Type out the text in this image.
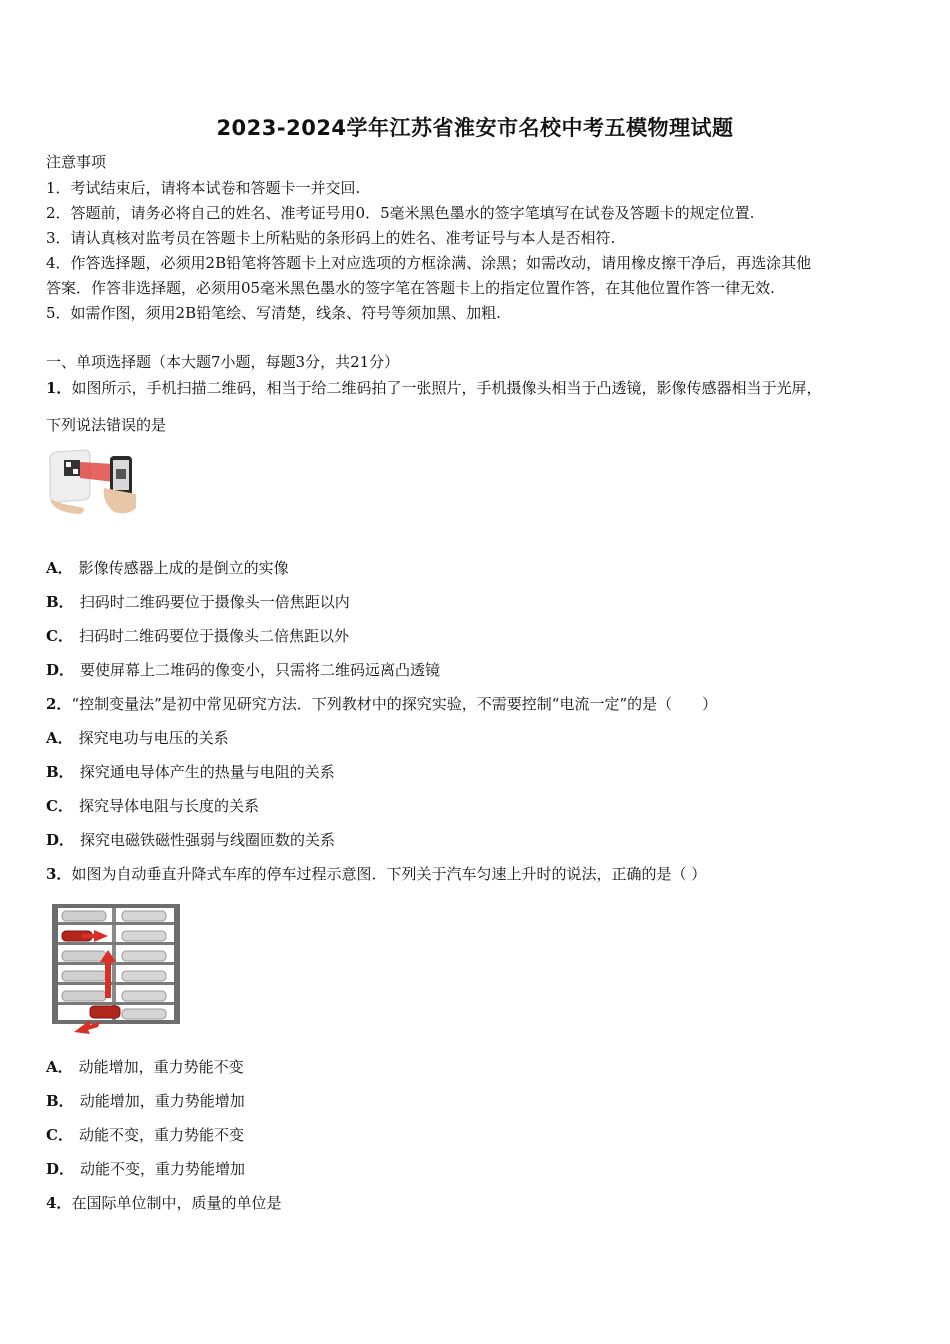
2023-2024学年江苏省淮安市名校中考五模物理试题
注意事项
1．考试结束后，请将本试卷和答题卡一并交回.
2．答题前，请务必将自己的姓名、准考证号用0．5毫米黑色墨水的签字笔填写在试卷及答题卡的规定位置.
3．请认真核对监考员在答题卡上所粘贴的条形码上的姓名、准考证号与本人是否相符.
4．作答选择题，必须用2B铅笔将答题卡上对应选项的方框涂满、涂黑；如需改动，请用橡皮擦干净后，再选涂其他
答案．作答非选择题，必须用05毫米黑色墨水的签字笔在答题卡上的指定位置作答，在其他位置作答一律无效.
5．如需作图，须用2B铅笔绘、写清楚，线条、符号等须加黑、加粗.
一、单项选择题（本大题7小题，每题3分，共21分）
1．如图所示，手机扫描二维码，相当于给二维码拍了一张照片，手机摄像头相当于凸透镜，影像传感器相当于光屏，
下列说法错误的是
A． 影像传感器上成的是倒立的实像
B． 扫码时二维码要位于摄像头一倍焦距以内
C． 扫码时二维码要位于摄像头二倍焦距以外
D． 要使屏幕上二堆码的像变小，只需将二维码远离凸透镜
2．“控制变量法”是初中常见研究方法．下列教材中的探究实验，不需要控制“电流一定”的是（　　）
A． 探究电功与电压的关系
B． 探究通电导体产生的热量与电阻的关系
C． 探究导体电阻与长度的关系
D． 探究电磁铁磁性强弱与线圈匝数的关系
3．如图为自动垂直升降式车库的停车过程示意图．下列关于汽车匀速上升时的说法，正确的是（ ）
A． 动能增加，重力势能不变
B． 动能增加，重力势能增加
C． 动能不变，重力势能不变
D． 动能不变，重力势能增加
4．在国际单位制中，质量的单位是
